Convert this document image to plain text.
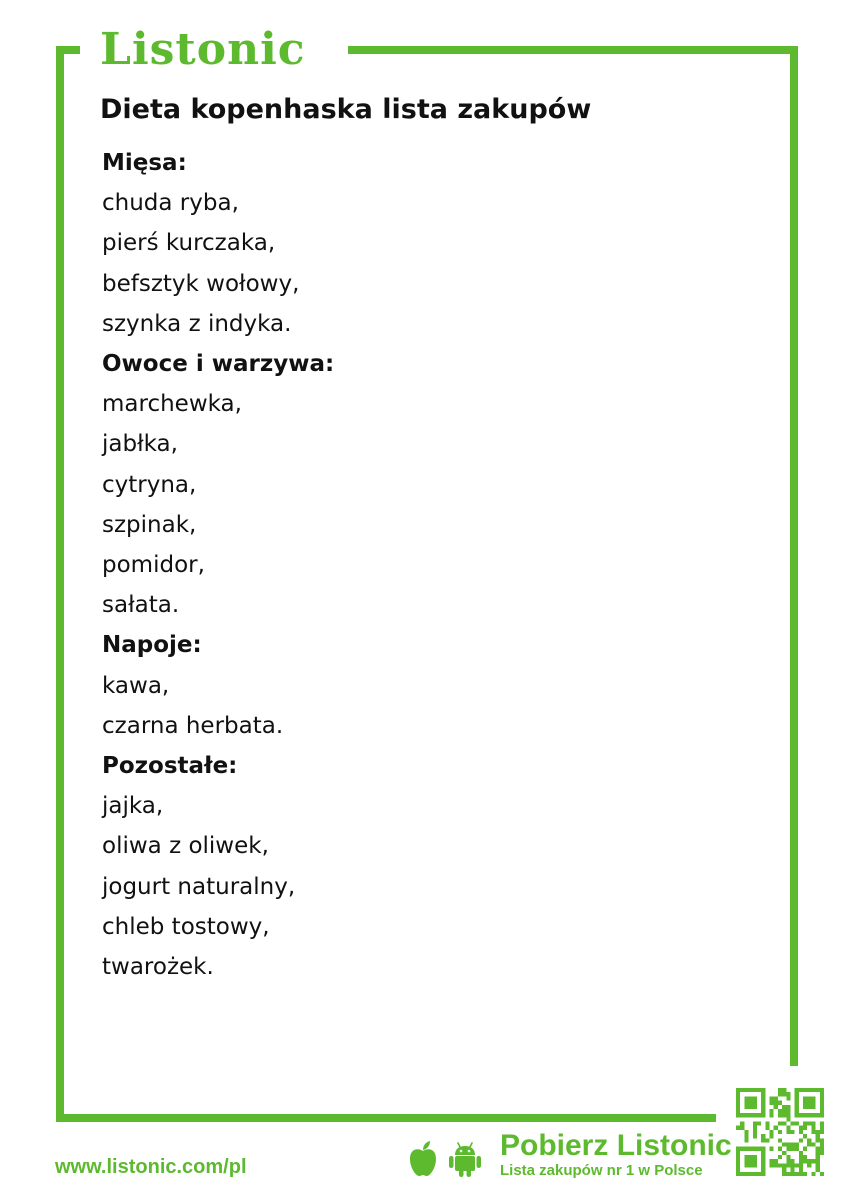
Listonic
Dieta kopenhaska lista zakupów
Mięsa:
chuda ryba,
pierś kurczaka,
befsztyk wołowy,
szynka z indyka.
Owoce i warzywa:
marchewka,
jabłka,
cytryna,
szpinak,
pomidor,
sałata.
Napoje:
kawa,
czarna herbata.
Pozostałe:
jajka,
oliwa z oliwek,
jogurt naturalny,
chleb tostowy,
twarożek.
www.listonic.com/pl
Pobierz Listonic
Lista zakupów nr 1 w Polsce
